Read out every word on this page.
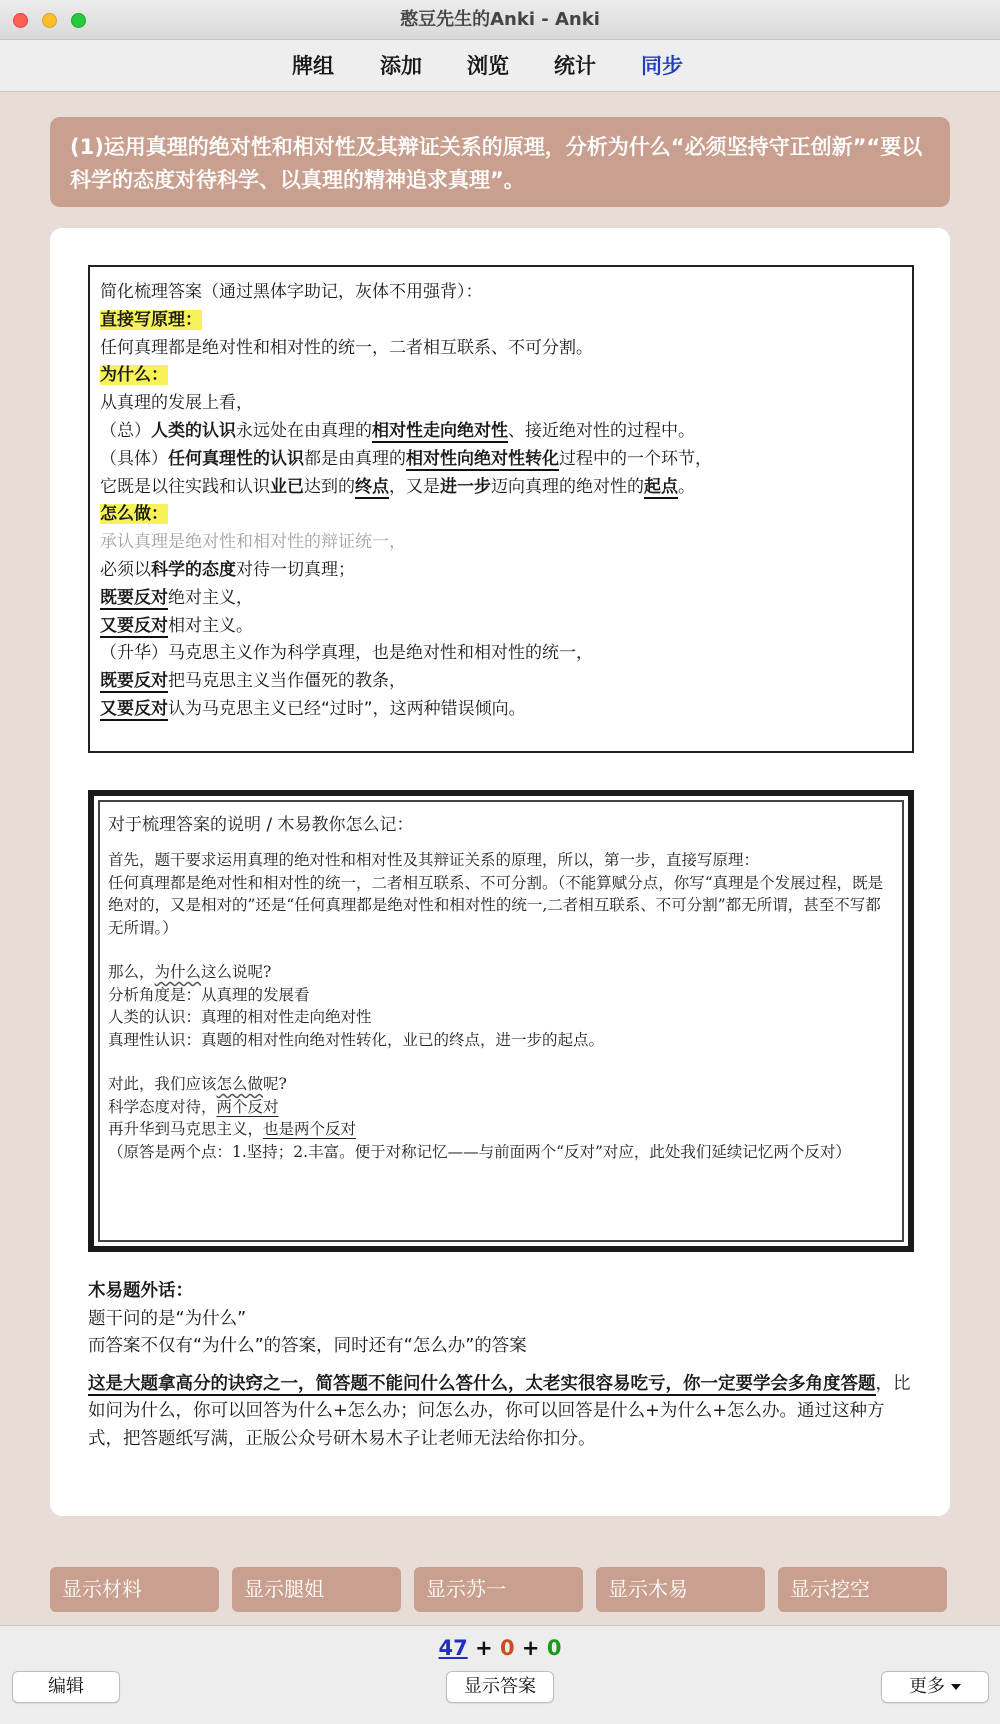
憨豆先生的Anki - Anki
牌组 添加 浏览 统计 同步
(1)运用真理的绝对性和相对性及其辩证关系的原理，分析为什么“必须坚持守正创新”“要以科学的态度对待科学、以真理的精神追求真理”。
简化梳理答案（通过黑体字助记，灰体不用强背）：
直接写原理：
任何真理都是绝对性和相对性的统一，二者相互联系、不可分割。
为什么：
从真理的发展上看，
（总）人类的认识永远处在由真理的相对性走向绝对性、接近绝对性的过程中。
（具体）任何真理性的认识都是由真理的相对性向绝对性转化过程中的一个环节，
它既是以往实践和认识业已达到的终点，又是进一步迈向真理的绝对性的起点。
怎么做：
承认真理是绝对性和相对性的辩证统一，
必须以科学的态度对待一切真理；
既要反对绝对主义，
又要反对相对主义。
（升华）马克思主义作为科学真理，也是绝对性和相对性的统一，
既要反对把马克思主义当作僵死的教条，
又要反对认为马克思主义已经“过时”，这两种错误倾向。
对于梳理答案的说明 / 木易教你怎么记：
首先，题干要求运用真理的绝对性和相对性及其辩证关系的原理，所以，第一步，直接写原理：
任何真理都是绝对性和相对性的统一，二者相互联系、不可分割。（不能算赋分点，你写“真理是个发展过程，既是绝对的，又是相对的”还是“任何真理都是绝对性和相对性的统一,二者相互联系、不可分割”都无所谓，甚至不写都无所谓。）
那么，为什么这么说呢?
分析角度是：从真理的发展看
人类的认识：真理的相对性走向绝对性
真理性认识：真题的相对性向绝对性转化，业已的终点，进一步的起点。
对此，我们应该怎么做呢?
科学态度对待，两个反对
再升华到马克思主义，也是两个反对
（原答是两个点：1.坚持；2.丰富。便于对称记忆——与前面两个“反对”对应，此处我们延续记忆两个反对）
木易题外话：
题干问的是“为什么”
而答案不仅有“为什么”的答案，同时还有“怎么办”的答案
这是大题拿高分的诀窍之一，简答题不能问什么答什么，太老实很容易吃亏，你一定要学会多角度答题，比如问为什么，你可以回答为什么+怎么办；问怎么办，你可以回答是什么+为什么+怎么办。通过这种方式，把答题纸写满，正版公众号研木易木子让老师无法给你扣分。
显示材料	显示腿姐	显示苏一	显示木易	显示挖空
47 + 0 + 0
编辑	显示答案	更多
